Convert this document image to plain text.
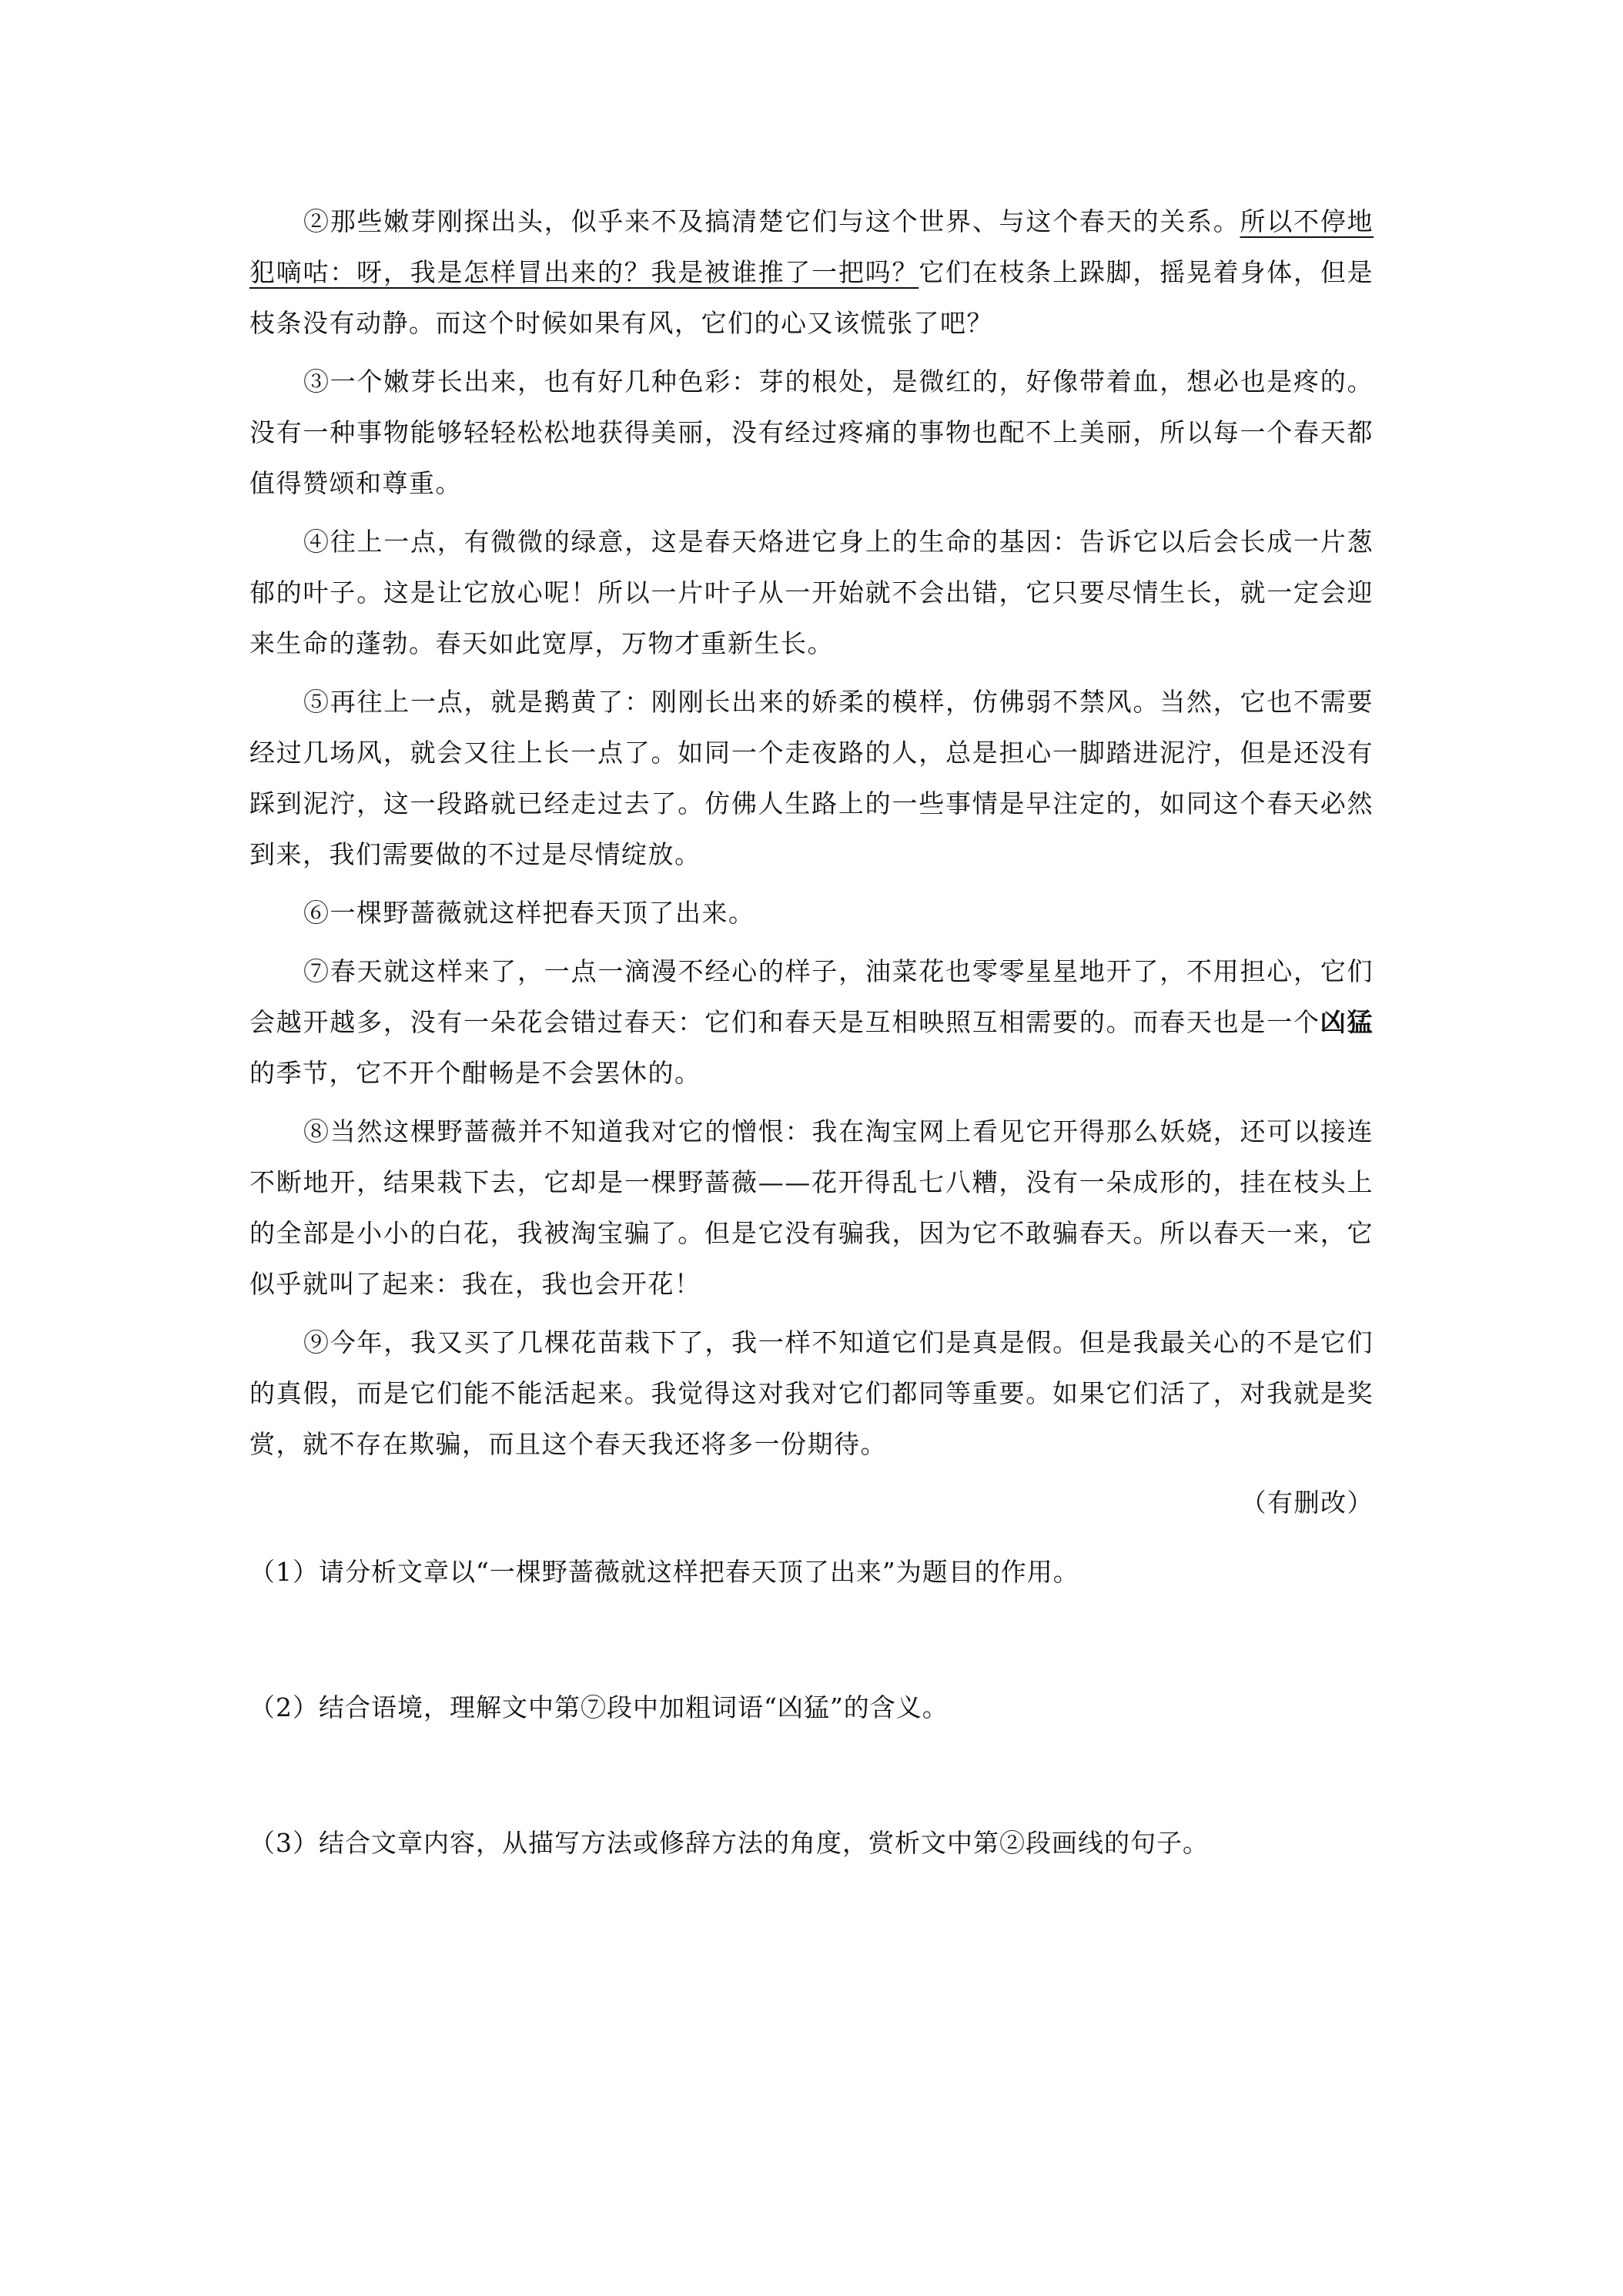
②那些嫩芽刚探出头，似乎来不及搞清楚它们与这个世界、与这个春天的关系。所以不停地犯嘀咕：呀，我是怎样冒出来的？我是被谁推了一把吗？它们在枝条上跺脚，摇晃着身体，但是枝条没有动静。而这个时候如果有风，它们的心又该慌张了吧？

③一个嫩芽长出来，也有好几种色彩：芽的根处，是微红的，好像带着血，想必也是疼的。没有一种事物能够轻轻松松地获得美丽，没有经过疼痛的事物也配不上美丽，所以每一个春天都值得赞颂和尊重。

④往上一点，有微微的绿意，这是春天烙进它身上的生命的基因：告诉它以后会长成一片葱郁的叶子。这是让它放心呢！所以一片叶子从一开始就不会出错，它只要尽情生长，就一定会迎来生命的蓬勃。春天如此宽厚，万物才重新生长。

⑤再往上一点，就是鹅黄了：刚刚长出来的娇柔的模样，仿佛弱不禁风。当然，它也不需要经过几场风，就会又往上长一点了。如同一个走夜路的人，总是担心一脚踏进泥泞，但是还没有踩到泥泞，这一段路就已经走过去了。仿佛人生路上的一些事情是早注定的，如同这个春天必然到来，我们需要做的不过是尽情绽放。

⑥一棵野蔷薇就这样把春天顶了出来。

⑦春天就这样来了，一点一滴漫不经心的样子，油菜花也零零星星地开了，不用担心，它们会越开越多，没有一朵花会错过春天：它们和春天是互相映照互相需要的。而春天也是一个凶猛的季节，它不开个酣畅是不会罢休的。

⑧当然这棵野蔷薇并不知道我对它的憎恨：我在淘宝网上看见它开得那么妖娆，还可以接连不断地开，结果栽下去，它却是一棵野蔷薇——花开得乱七八糟，没有一朵成形的，挂在枝头上的全部是小小的白花，我被淘宝骗了。但是它没有骗我，因为它不敢骗春天。所以春天一来，它似乎就叫了起来：我在，我也会开花！

⑨今年，我又买了几棵花苗栽下了，我一样不知道它们是真是假。但是我最关心的不是它们的真假，而是它们能不能活起来。我觉得这对我对它们都同等重要。如果它们活了，对我就是奖赏，就不存在欺骗，而且这个春天我还将多一份期待。

（有删改）

（1）请分析文章以“一棵野蔷薇就这样把春天顶了出来”为题目的作用。

（2）结合语境，理解文中第⑦段中加粗词语“凶猛”的含义。

（3）结合文章内容，从描写方法或修辞方法的角度，赏析文中第②段画线的句子。
